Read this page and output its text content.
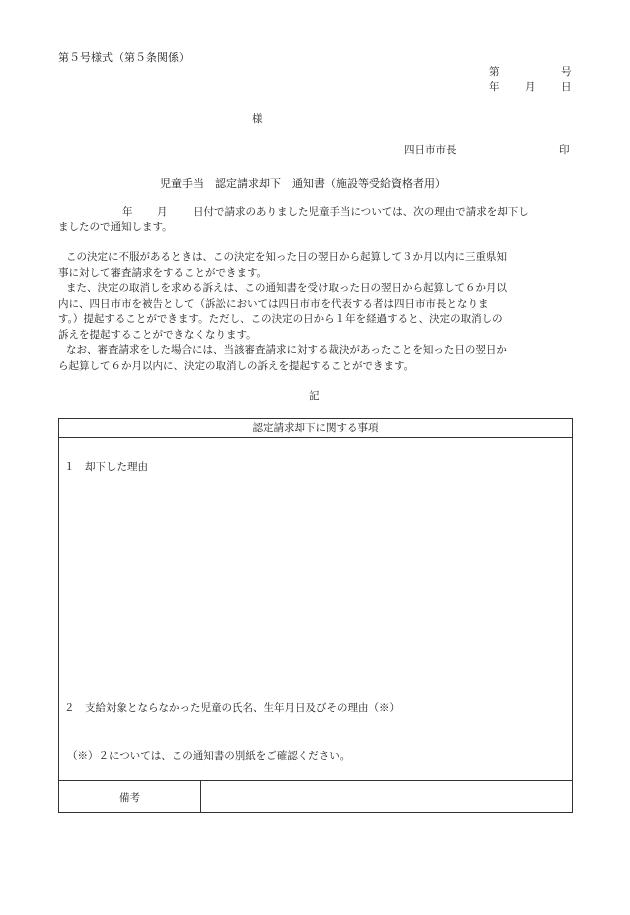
第５号様式（第５条関係）
第	号
年 月 日
様
四日市市長	印
児童手当　認定請求却下　通知書（施設等受給資格者用）
年 月 日付で請求のありました児童手当については、次の理由で請求を却下し
ましたので通知します。
この決定に不服があるときは、この決定を知った日の翌日から起算して３か月以内に三重県知
事に対して審査請求をすることができます。
また、決定の取消しを求める訴えは、この通知書を受け取った日の翌日から起算して６か月以
内に、四日市市を被告として（訴訟においては四日市市を代表する者は四日市市長となりま
す。）提起することができます。ただし、この決定の日から１年を経過すると、決定の取消しの
訴えを提起することができなくなります。
なお、審査請求をした場合には、当該審査請求に対する裁決があったことを知った日の翌日か
ら起算して６か月以内に、決定の取消しの訴えを提起することができます。
記
認定請求却下に関する事項
１　却下した理由
２　支給対象とならなかった児童の氏名、生年月日及びその理由（※）
（※）２については、この通知書の別紙をご確認ください。
備考
